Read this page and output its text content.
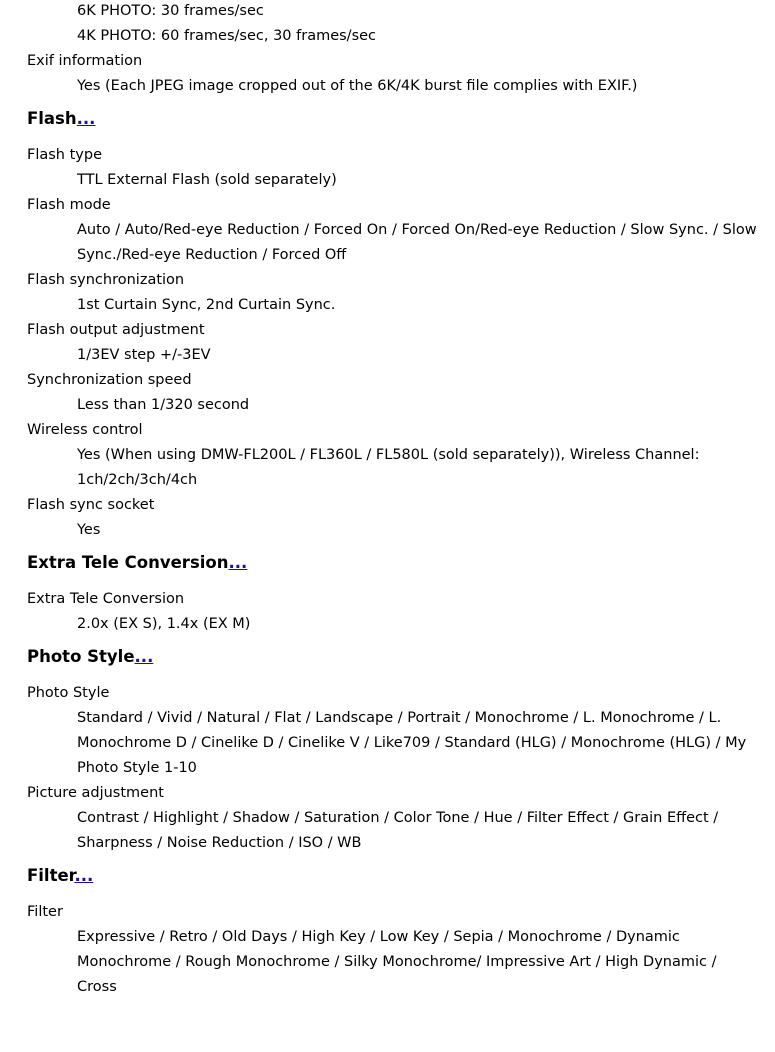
6K PHOTO: 30 frames/sec
4K PHOTO: 60 frames/sec, 30 frames/sec
Exif information
Yes (Each JPEG image cropped out of the 6K/4K burst file complies with EXIF.)
Flash...
Flash type
TTL External Flash (sold separately)
Flash mode
Auto / Auto/Red-eye Reduction / Forced On / Forced On/Red-eye Reduction / Slow Sync. / Slow Sync./Red-eye Reduction / Forced Off
Flash synchronization
1st Curtain Sync, 2nd Curtain Sync.
Flash output adjustment
1/3EV step +/-3EV
Synchronization speed
Less than 1/320 second
Wireless control
Yes (When using DMW-FL200L / FL360L / FL580L (sold separately)), Wireless Channel: 1ch/2ch/3ch/4ch
Flash sync socket
Yes
Extra Tele Conversion...
Extra Tele Conversion
2.0x (EX S), 1.4x (EX M)
Photo Style...
Photo Style
Standard / Vivid / Natural / Flat / Landscape / Portrait / Monochrome / L. Monochrome / L. Monochrome D / Cinelike D / Cinelike V / Like709 / Standard (HLG) / Monochrome (HLG) / My Photo Style 1-10
Picture adjustment
Contrast / Highlight / Shadow / Saturation / Color Tone / Hue / Filter Effect / Grain Effect / Sharpness / Noise Reduction / ISO / WB
Filter...
Filter
Expressive / Retro / Old Days / High Key / Low Key / Sepia / Monochrome / Dynamic Monochrome / Rough Monochrome / Silky Monochrome/ Impressive Art / High Dynamic / Cross
